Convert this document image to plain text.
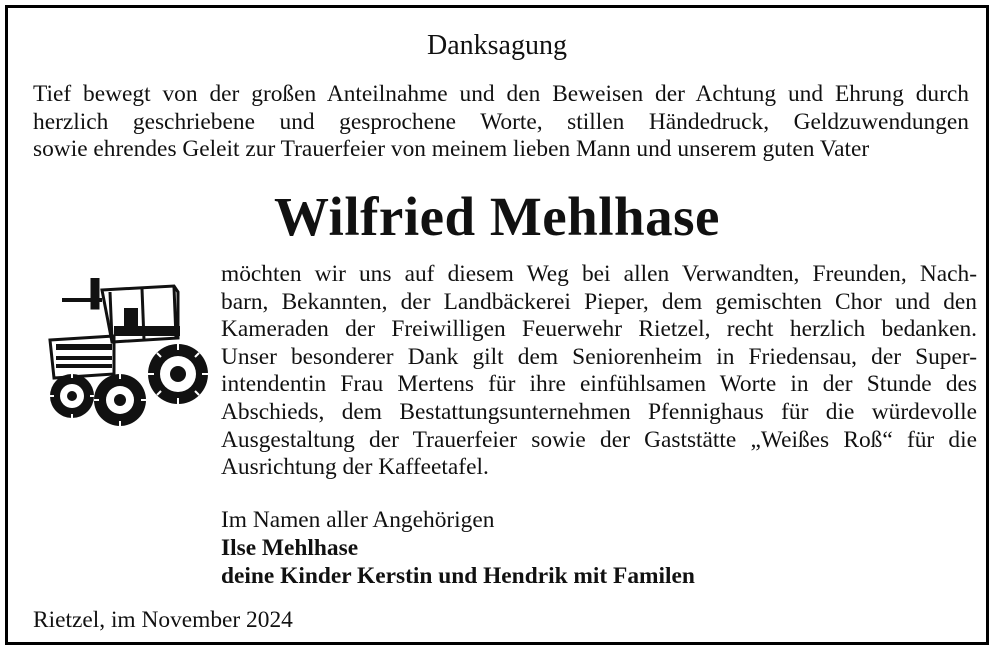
Danksagung
Tief bewegt von der großen Anteilnahme und den Beweisen der Achtung und Ehrung durch
herzlich geschriebene und gesprochene Worte, stillen Händedruck, Geldzuwendungen
sowie ehrendes Geleit zur Trauerfeier von meinem lieben Mann und unserem guten Vater
Wilfried Mehlhase
möchten wir uns auf diesem Weg bei allen Verwandten, Freunden, Nach-
barn, Bekannten, der Landbäckerei Pieper, dem gemischten Chor und den
Kameraden der Freiwilligen Feuerwehr Rietzel, recht herzlich bedanken.
Unser besonderer Dank gilt dem Seniorenheim in Friedensau, der Super-
intendentin Frau Mertens für ihre einfühlsamen Worte in der Stunde des
Abschieds, dem Bestattungsunternehmen Pfennighaus für die würdevolle
Ausgestaltung der Trauerfeier sowie der Gaststätte „Weißes Roß“ für die
Ausrichtung der Kaffeetafel.
Im Namen aller Angehörigen
Ilse Mehlhase
deine Kinder Kerstin und Hendrik mit Familen
Rietzel, im November 2024
